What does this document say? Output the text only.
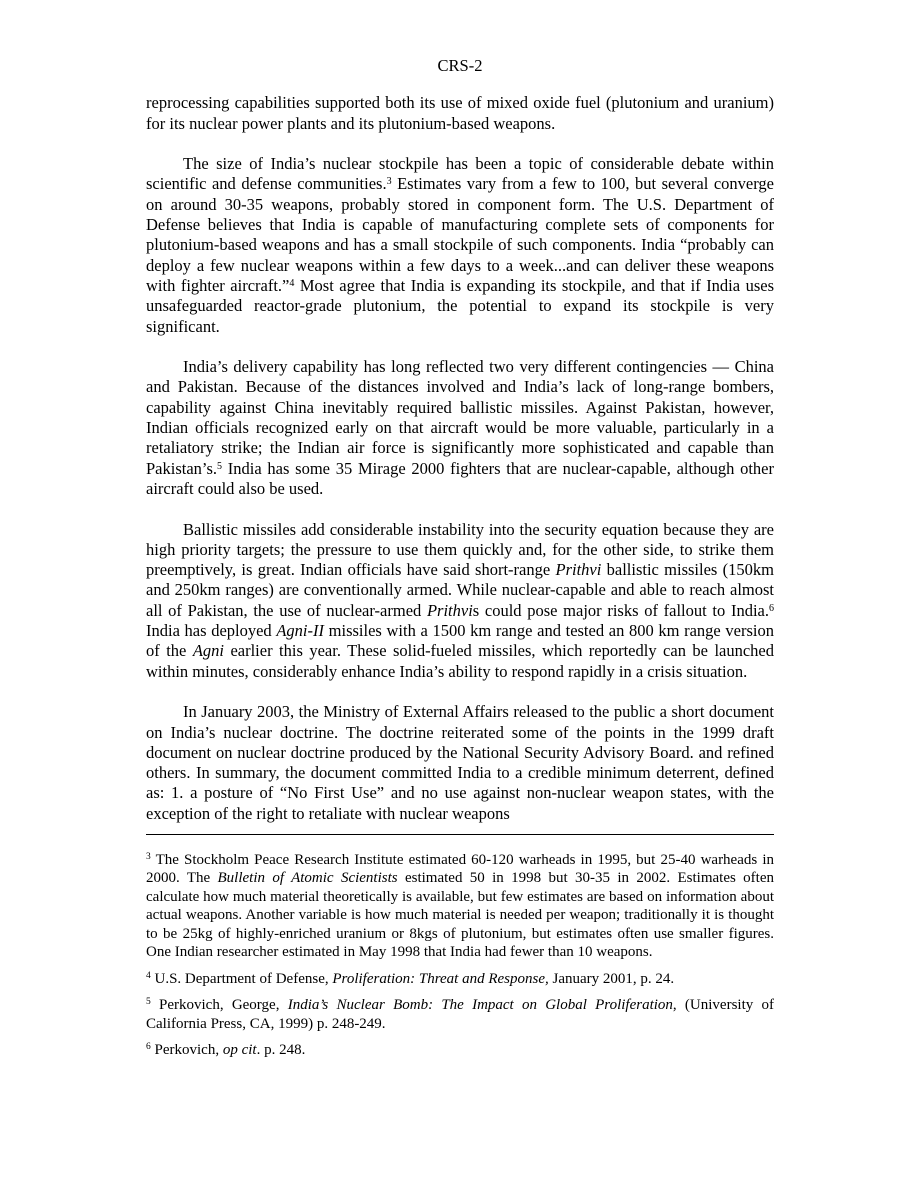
CRS-2

reprocessing capabilities supported both its use of mixed oxide fuel (plutonium and uranium) for its nuclear power plants and its plutonium-based weapons.

The size of India’s nuclear stockpile has been a topic of considerable debate within scientific and defense communities.$^3$ Estimates vary from a few to 100, but several converge on around 30-35 weapons, probably stored in component form. The U.S. Department of Defense believes that India is capable of manufacturing complete sets of components for plutonium-based weapons and has a small stockpile of such components. India “probably can deploy a few nuclear weapons within a few days to a week...and can deliver these weapons with fighter aircraft.”$^4$ Most agree that India is expanding its stockpile, and that if India uses unsafeguarded reactor-grade plutonium, the potential to expand its stockpile is very significant.

India’s delivery capability has long reflected two very different contingencies — China and Pakistan. Because of the distances involved and India’s lack of long-range bombers, capability against China inevitably required ballistic missiles. Against Pakistan, however, Indian officials recognized early on that aircraft would be more valuable, particularly in a retaliatory strike; the Indian air force is significantly more sophisticated and capable than Pakistan’s.$^5$ India has some 35 Mirage 2000 fighters that are nuclear-capable, although other aircraft could also be used.

Ballistic missiles add considerable instability into the security equation because they are high priority targets; the pressure to use them quickly and, for the other side, to strike them preemptively, is great. Indian officials have said short-range Prithvi ballistic missiles (150km and 250km ranges) are conventionally armed. While nuclear-capable and able to reach almost all of Pakistan, the use of nuclear-armed Prithvis could pose major risks of fallout to India.$^6$ India has deployed Agni-II missiles with a 1500 km range and tested an 800 km range version of the Agni earlier this year. These solid-fueled missiles, which reportedly can be launched within minutes, considerably enhance India’s ability to respond rapidly in a crisis situation.

In January 2003, the Ministry of External Affairs released to the public a short document on India’s nuclear doctrine. The doctrine reiterated some of the points in the 1999 draft document on nuclear doctrine produced by the National Security Advisory Board. and refined others. In summary, the document committed India to a credible minimum deterrent, defined as: 1. a posture of “No First Use” and no use against non-nuclear weapon states, with the exception of the right to retaliate with nuclear weapons

$^3$ The Stockholm Peace Research Institute estimated 60-120 warheads in 1995, but 25-40 warheads in 2000. The Bulletin of Atomic Scientists estimated 50 in 1998 but 30-35 in 2002. Estimates often calculate how much material theoretically is available, but few estimates are based on information about actual weapons. Another variable is how much material is needed per weapon; traditionally it is thought to be 25kg of highly-enriched uranium or 8kgs of plutonium, but estimates often use smaller figures. One Indian researcher estimated in May 1998 that India had fewer than 10 weapons.
$^4$ U.S. Department of Defense, Proliferation: Threat and Response, January 2001, p. 24.
$^5$ Perkovich, George, India’s Nuclear Bomb: The Impact on Global Proliferation, (University of California Press, CA, 1999) p. 248-249.
$^6$ Perkovich, op cit. p. 248.
